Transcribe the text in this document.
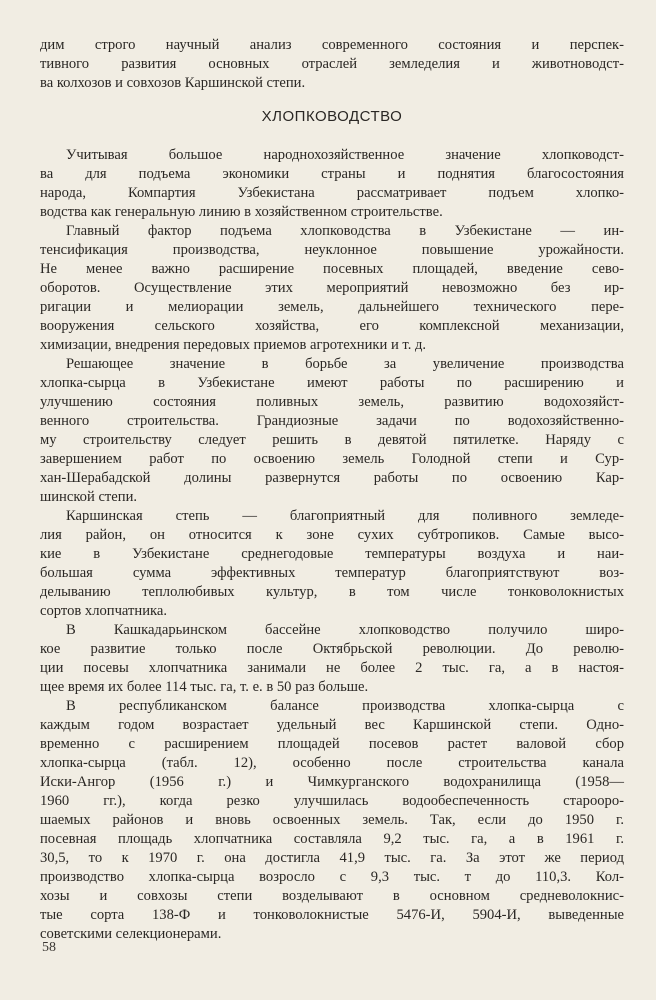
дим строго научный анализ современного состояния и перспек-
тивного развития основных отраслей земледелия и животноводст-
ва колхозов и совхозов Каршинской степи.
ХЛОПКОВОДСТВО
Учитывая большое народнохозяйственное значение хлопководст-
ва для подъема экономики страны и поднятия благосостояния
народа, Компартия Узбекистана рассматривает подъем хлопко-
водства как генеральную линию в хозяйственном строительстве.
Главный фактор подъема хлопководства в Узбекистане — ин-
тенсификация производства, неуклонное повышение урожайности.
Не менее важно расширение посевных площадей, введение сево-
оборотов. Осуществление этих мероприятий невозможно без ир-
ригации и мелиорации земель, дальнейшего технического пере-
вооружения сельского хозяйства, его комплексной механизации,
химизации, внедрения передовых приемов агротехники и т. д.
Решающее значение в борьбе за увеличение производства
хлопка-сырца в Узбекистане имеют работы по расширению и
улучшению состояния поливных земель, развитию водохозяйст-
венного строительства. Грандиозные задачи по водохозяйственно-
му строительству следует решить в девятой пятилетке. Наряду с
завершением работ по освоению земель Голодной степи и Сур-
хан-Шерабадской долины развернутся работы по освоению Кар-
шинской степи.
Каршинская степь — благоприятный для поливного земледе-
лия район, он относится к зоне сухих субтропиков. Самые высо-
кие в Узбекистане среднегодовые температуры воздуха и наи-
большая сумма эффективных температур благоприятствуют воз-
делыванию теплолюбивых культур, в том числе тонковолокнистых
сортов хлопчатника.
В Кашкадарьинском бассейне хлопководство получило широ-
кое развитие только после Октябрьской революции. До револю-
ции посевы хлопчатника занимали не более 2 тыс. га, а в настоя-
щее время их более 114 тыс. га, т. е. в 50 раз больше.
В республиканском балансе производства хлопка-сырца с
каждым годом возрастает удельный вес Каршинской степи. Одно-
временно с расширением площадей посевов растет валовой сбор
хлопка-сырца (табл. 12), особенно после строительства канала
Иски-Ангор (1956 г.) и Чимкурганского водохранилища (1958—
1960 гг.), когда резко улучшилась водообеспеченность старооро-
шаемых районов и вновь освоенных земель. Так, если до 1950 г.
посевная площадь хлопчатника составляла 9,2 тыс. га, а в 1961 г.
30,5, то к 1970 г. она достигла 41,9 тыс. га. За этот же период
производство хлопка-сырца возросло с 9,3 тыс. т до 110,3. Кол-
хозы и совхозы степи возделывают в основном средневолокнис-
тые сорта 138-Ф и тонковолокнистые 5476-И, 5904-И, выведенные
советскими селекционерами.
58
